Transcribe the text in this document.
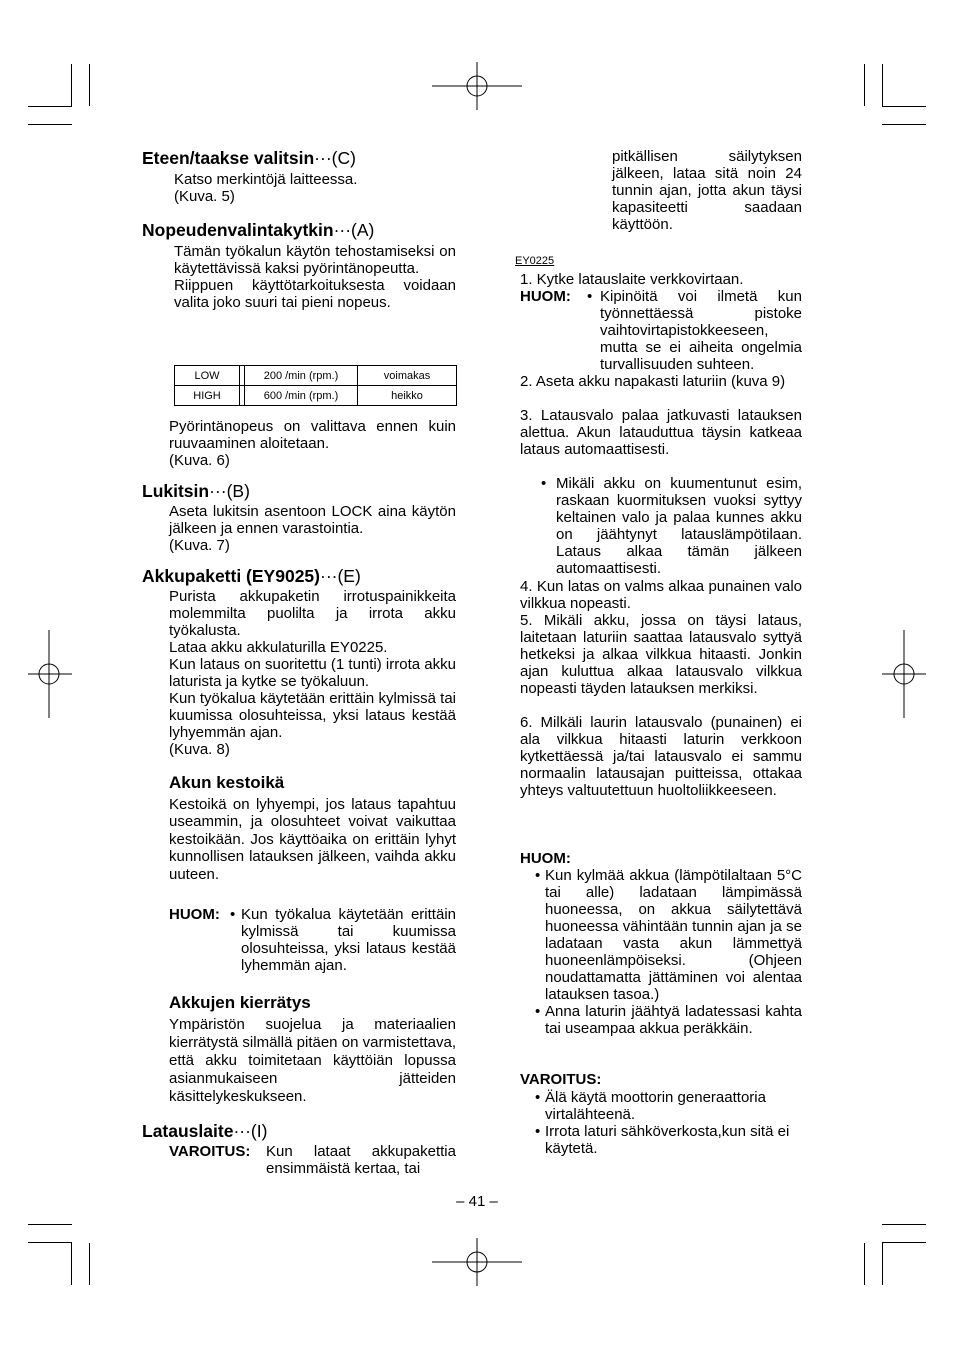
Eteen/taakse valitsin···(C)

Katso merkintöjä laitteessa.

(Kuva. 5)

Nopeudenvalintakytkin···(A)

Tämän työkalun käytön tehostamiseksi on käytettävissä kaksi pyörintänopeutta.

Riippuen käyttötarkoituksesta voidaan valita joko suuri tai pieni nopeus.

LOW		200 /min (rpm.)	voimakas
HIGH		600 /min (rpm.)	heikko

Pyörintänopeus on valittava ennen kuin ruuvaaminen aloitetaan.

(Kuva. 6)

Lukitsin···(B)

Aseta lukitsin asentoon LOCK aina käytön jälkeen ja ennen varastointia.

(Kuva. 7)

Akkupaketti (EY9025)···(E)

Purista akkupaketin irrotuspainikkeita molemmilta puolilta ja irrota akku työkalusta.

Lataa akku akkulaturilla EY0225.

Kun lataus on suoritettu (1 tunti) irrota akku laturista ja kytke se työkaluun.

Kun työkalua käytetään erittäin kylmissä tai kuumissa olosuhteissa, yksi lataus kestää lyhyemmän ajan.

(Kuva. 8)

Akun kestoikä

Kestoikä on lyhyempi, jos lataus tapahtuu useammin, ja olosuhteet voivat vaikuttaa kestoikään. Jos käyttöaika on erittäin lyhyt kunnollisen latauksen jälkeen, vaihda akku uuteen.

HUOM: • Kun työkalua käytetään erittäin kylmissä tai kuumissa olosuhteissa, yksi lataus kestää lyhemmän ajan.
Akkujen kierrätys

Ympäristön suojelua ja materiaalien kierrätystä silmällä pitäen on varmistettava, että akku toimitetaan käyttöiän lopussa asianmukaiseen jätteiden käsittelykeskukseen.

Latauslaite···(I)
VAROITUS: Kun lataat akkupakettia ensimmäistä kertaa, tai
pitkällisen säilytyksen jälkeen, lataa sitä noin 24 tunnin ajan, jotta akun täysi kapasiteetti saadaan käyttöön.
EY0225
1. Kytke latauslaite verkkovirtaan.
HUOM: • Kipinöitä voi ilmetä kun työnnettäessä pistoke vaihtovirtapistokkeeseen, mutta se ei aiheita ongelmia turvallisuuden suhteen.
2. Aseta akku napakasti laturiin (kuva 9)
3. Latausvalo palaa jatkuvasti latauksen alettua. Akun latauduttua täysin katkeaa lataus automaattisesti.
• Mikäli akku on kuumentunut esim, raskaan kuormituksen vuoksi syttyy keltainen valo ja palaa kunnes akku on jäähtynyt latauslämpötilaan. Lataus alkaa tämän jälkeen automaattisesti.
4. Kun latas on valms alkaa punainen valo vilkkua nopeasti.
5. Mikäli akku, jossa on täysi lataus, laitetaan laturiin saattaa latausvalo syttyä hetkeksi ja alkaa vilkkua hitaasti. Jonkin ajan kuluttua alkaa latausvalo vilkkua nopeasti täyden latauksen merkiksi.
6. Milkäli laurin latausvalo (punainen) ei ala vilkkua hitaasti laturin verkkoon kytkettäessä ja/tai latausvalo ei sammu normaalin latausajan puitteissa, ottakaa yhteys valtuutettuun huoltoliikkeeseen.
HUOM:
• Kun kylmää akkua (lämpötilaltaan 5°C tai alle) ladataan lämpimässä huoneessa, on akkua säilytettävä huoneessa vähintään tunnin ajan ja se ladataan vasta akun lämmettyä huoneenlämpöiseksi. (Ohjeen noudattamatta jättäminen voi alentaa latauksen tasoa.)
• Anna laturin jäähtyä ladatessasi kahta tai useampaa akkua peräkkäin.
VAROITUS:
• Älä käytä moottorin generaattoria virtalähteenä.
• Irrota laturi sähköverkosta,kun sitä ei käytetä.
– 41 –
